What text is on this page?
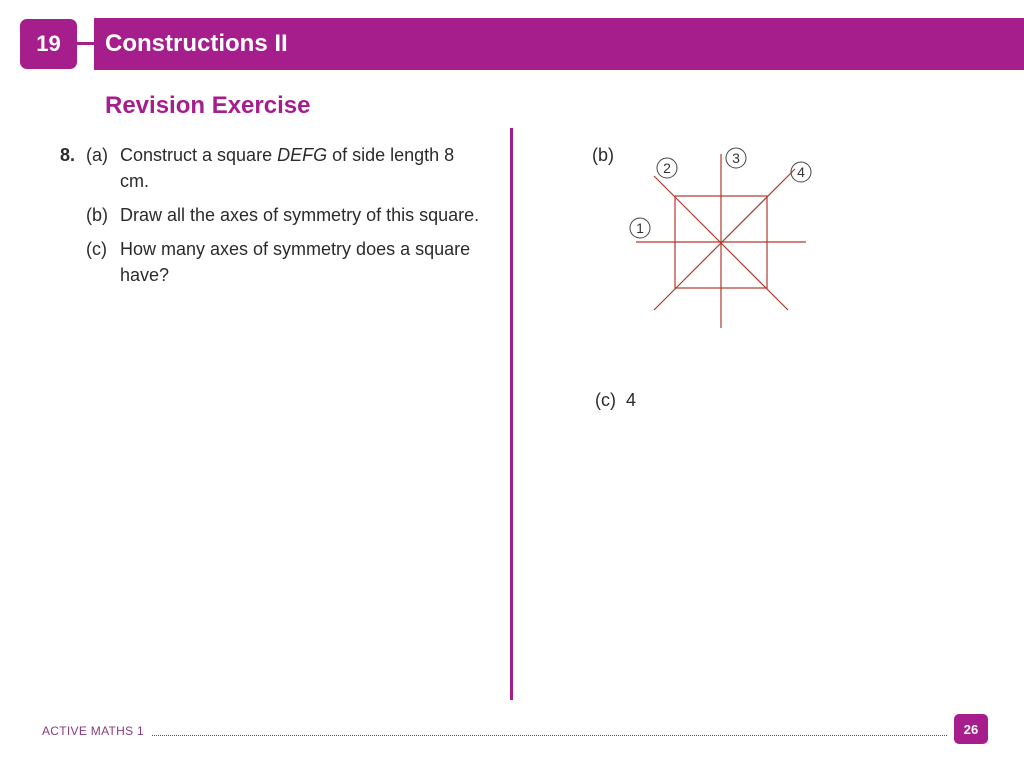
19	Constructions II
Revision Exercise
8. (a) Construct a square DEFG of side length 8 cm.
(b) Draw all the axes of symmetry of this square.
(c) How many axes of symmetry does a square have?
(b)
1
2
3
4
(c) 4
ACTIVE MATHS 1	26
